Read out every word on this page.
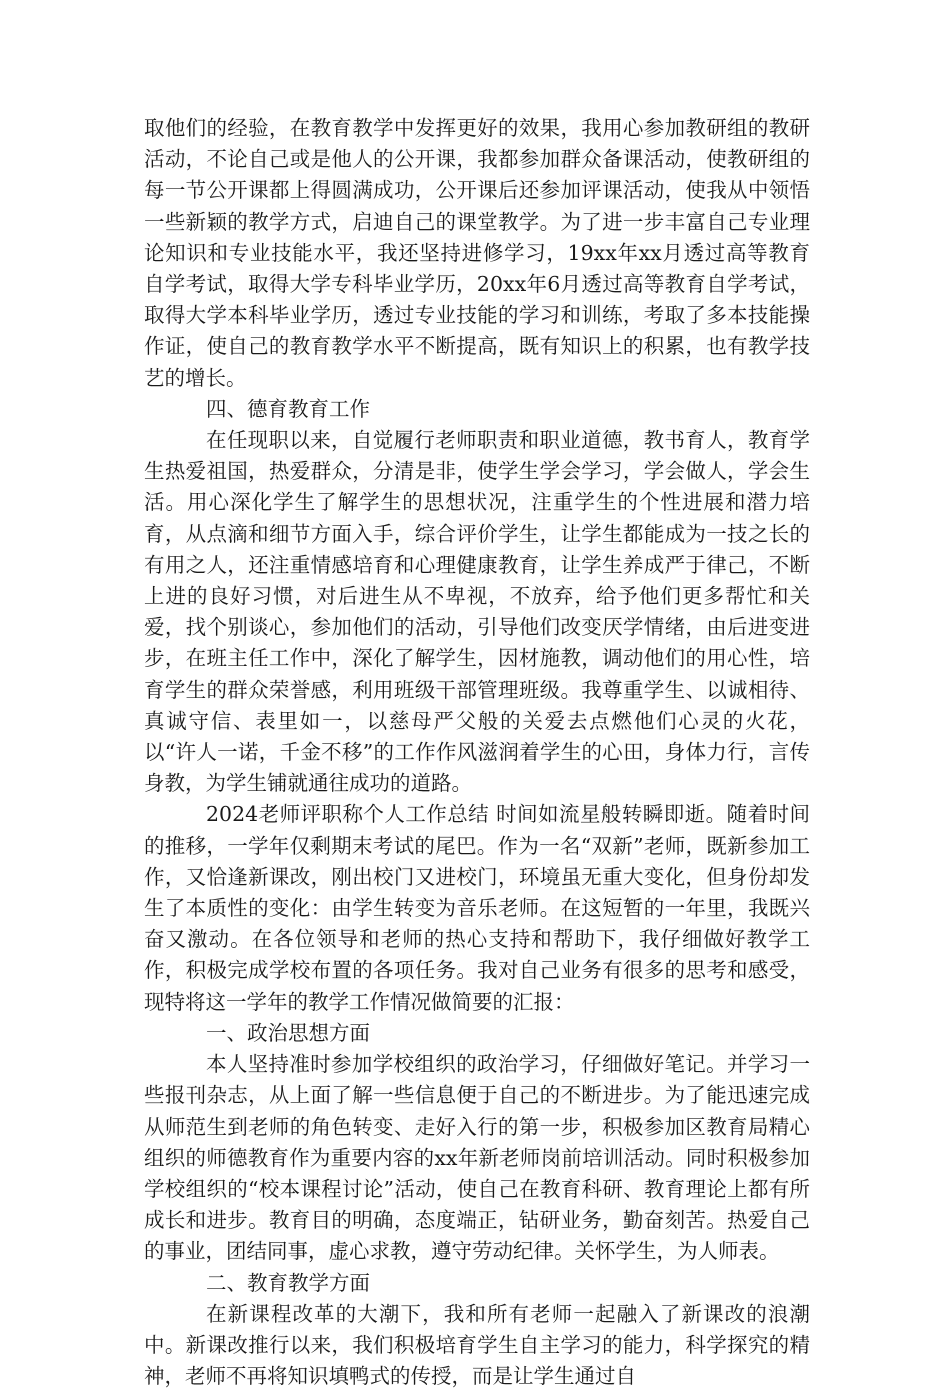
取他们的经验，在教育教学中发挥更好的效果，我用心参加教研组的教研活动，不论自己或是他人的公开课，我都参加群众备课活动，使教研组的每一节公开课都上得圆满成功，公开课后还参加评课活动，使我从中领悟一些新颖的教学方式，启迪自己的课堂教学。为了进一步丰富自己专业理论知识和专业技能水平，我还坚持进修学习，19xx年xx月透过高等教育自学考试，取得大学专科毕业学历，20xx年6月透过高等教育自学考试，取得大学本科毕业学历，透过专业技能的学习和训练，考取了多本技能操作证，使自己的教育教学水平不断提高，既有知识上的积累，也有教学技艺的增长。

四、德育教育工作

在任现职以来，自觉履行老师职责和职业道德，教书育人，教育学生热爱祖国，热爱群众，分清是非，使学生学会学习，学会做人，学会生活。用心深化学生了解学生的思想状况，注重学生的个性进展和潜力培育，从点滴和细节方面入手，综合评价学生，让学生都能成为一技之长的有用之人，还注重情感培育和心理健康教育，让学生养成严于律己，不断上进的良好习惯，对后进生从不卑视，不放弃，给予他们更多帮忙和关爱，找个别谈心，参加他们的活动，引导他们改变厌学情绪，由后进变进步，在班主任工作中，深化了解学生，因材施教，调动他们的用心性，培育学生的群众荣誉感，利用班级干部管理班级。我尊重学生、以诚相待、真诚守信、表里如一，以慈母严父般的关爱去点燃他们心灵的火花，以“许人一诺，千金不移”的工作作风滋润着学生的心田，身体力行，言传身教，为学生铺就通往成功的道路。

2024老师评职称个人工作总结 时间如流星般转瞬即逝。随着时间的推移，一学年仅剩期末考试的尾巴。作为一名“双新”老师，既新参加工作，又恰逢新课改，刚出校门又进校门，环境虽无重大变化，但身份却发生了本质性的变化：由学生转变为音乐老师。在这短暂的一年里，我既兴奋又激动。在各位领导和老师的热心支持和帮助下，我仔细做好教学工作，积极完成学校布置的各项任务。我对自己业务有很多的思考和感受，现特将这一学年的教学工作情况做简要的汇报：

一、政治思想方面

本人坚持准时参加学校组织的政治学习，仔细做好笔记。并学习一些报刊杂志，从上面了解一些信息便于自己的不断进步。为了能迅速完成从师范生到老师的角色转变、走好入行的第一步，积极参加区教育局精心组织的师德教育作为重要内容的xx年新老师岗前培训活动。同时积极参加学校组织的“校本课程讨论”活动，使自己在教育科研、教育理论上都有所成长和进步。教育目的明确，态度端正，钻研业务，勤奋刻苦。热爱自己的事业，团结同事，虚心求教，遵守劳动纪律。关怀学生，为人师表。

二、教育教学方面

在新课程改革的大潮下，我和所有老师一起融入了新课改的浪潮中。新课改推行以来，我们积极培育学生自主学习的能力，科学探究的精神，老师不再将知识填鸭式的传授，而是让学生通过自
